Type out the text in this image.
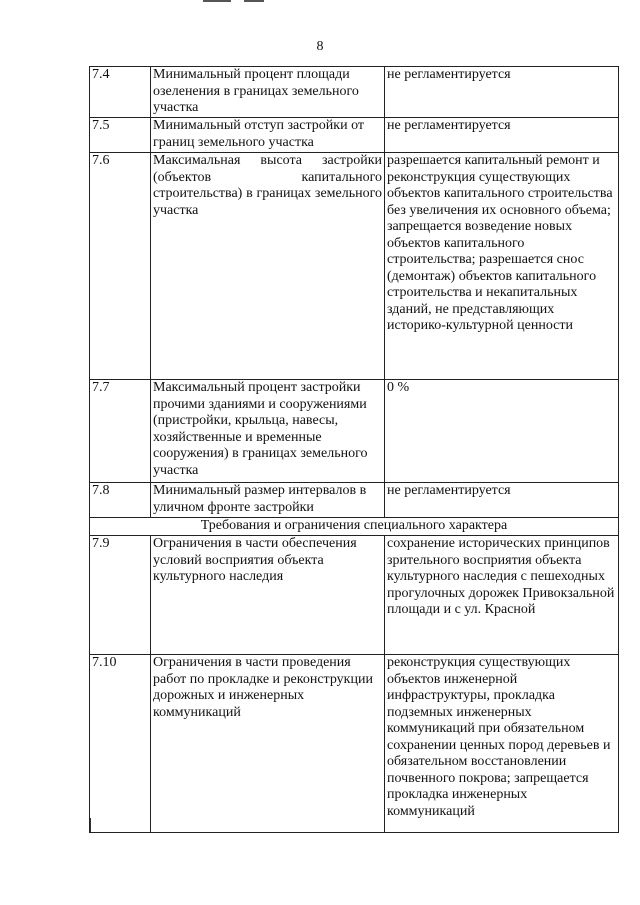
8
7.4	Минимальный процент площади озеленения в границах земельного участка	не регламентируется
7.5	Минимальный отступ застройки от границ земельного участка	не регламентируется
7.6	Максимальная высота застройки (объектов капитального строительства) в границах земельного участка	разрешается капитальный ремонт и реконструкция существующих объектов капитального строительства без увеличения их основного объема; запрещается возведение новых объектов капитального строительства; разрешается снос (демонтаж) объектов капитального строительства и некапитальных зданий, не представляющих историко-культурной ценности
7.7	Максимальный процент застройки прочими зданиями и сооружениями (пристройки, крыльца, навесы, хозяйственные и временные сооружения) в границах земельного участка	0 %
7.8	Минимальный размер интервалов в уличном фронте застройки	не регламентируется
Требования и ограничения специального характера		
7.9	Ограничения в части обеспечения условий восприятия объекта культурного наследия	сохранение исторических принципов зрительного восприятия объекта культурного наследия с пешеходных прогулочных дорожек Привокзальной площади и с ул. Красной
7.10	Ограничения в части проведения работ по прокладке и реконструкции дорожных и инженерных коммуникаций	реконструкция существующих объектов инженерной инфраструктуры, прокладка подземных инженерных коммуникаций при обязательном сохранении ценных пород деревьев и обязательном восстановлении почвенного покрова; запрещается прокладка инженерных коммуникаций
